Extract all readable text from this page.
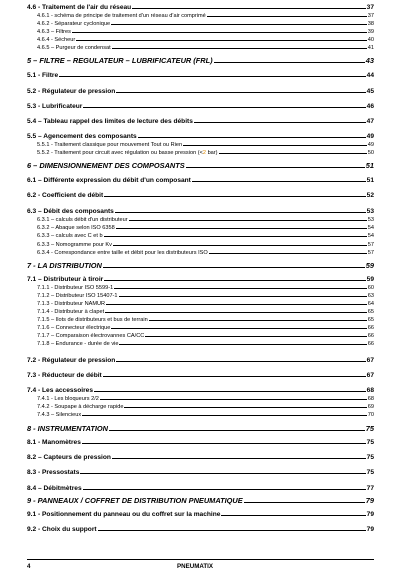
4.6 - Traitement de l'air du réseau	37
4.6.1 - schéma de principe de traitement d'un réseau d'air comprimé	37
4.6.2 - Séparateur cyclonique	38
4.6.3 – Filtres	39
4.6.4 - Sécheur	40
4.6.5 – Purgeur de condensat	41
5 – FILTRE – REGULATEUR – LUBRIFICATEUR (FRL)	43
5.1 - Filtre	44
5.2 - Régulateur de pression	45
5.3 - Lubrificateur	46
5.4 – Tableau rappel des limites de lecture des débits	47
5.5 – Agencement des composants	49
5.5.1 - Traitement classique pour mouvement Tout ou Rien	49
5.5.2 - Traitement pour circuit avec régulation ou basse pression (<2 bar)	50
6 – DIMENSIONNEMENT DES COMPOSANTS	51
6.1 – Différente expression du débit d'un composant	51
6.2 - Coefficient de débit	52
6.3 – Débit des composants	53
6.3.1 – calculs débit d'un distributeur	53
6.3.2 – Abaque selon ISO 6358	54
6.3.3 – calculs avec C et b	54
6.3.3 – Nomogramme pour Kv	57
6.3.4 - Correspondance entre taille et débit pour les distributeurs ISO	57
7 - LA DISTRIBUTION	59
7.1 – Distributeur à tiroir	59
7.1.1 - Distributeur ISO 5599-1	60
7.1.2 – Distributeur ISO 15407-1	63
7.1.3 - Distributeur NAMUR	64
7.1.4 - Distributeur à clapet	65
7.1.5 – Ilots de distributeurs et bus de terrain	65
7.1.6 – Connecteur électrique	66
7.1.7 – Comparaison électrovannes CA/CC	66
7.1.8 – Endurance - durée de vie	66
7.2 - Régulateur de pression	67
7.3 - Réducteur de débit	67
7.4 - Les accessoires	68
7.4.1 - Les bloqueurs 2/2	68
7.4.2 - Soupape à décharge rapide	69
7.4.3 – Silencieux	70
8 - INSTRUMENTATION	75
8.1 - Manomètres	75
8.2 – Capteurs de pression	75
8.3 - Pressostats	75
8.4 – Débitmètres	77
9 - PANNEAUX / COFFRET DE DISTRIBUTION PNEUMATIQUE	79
9.1 - Positionnement du panneau ou du coffret sur la machine	79
9.2 - Choix du support	79
4	PNEUMATIX
